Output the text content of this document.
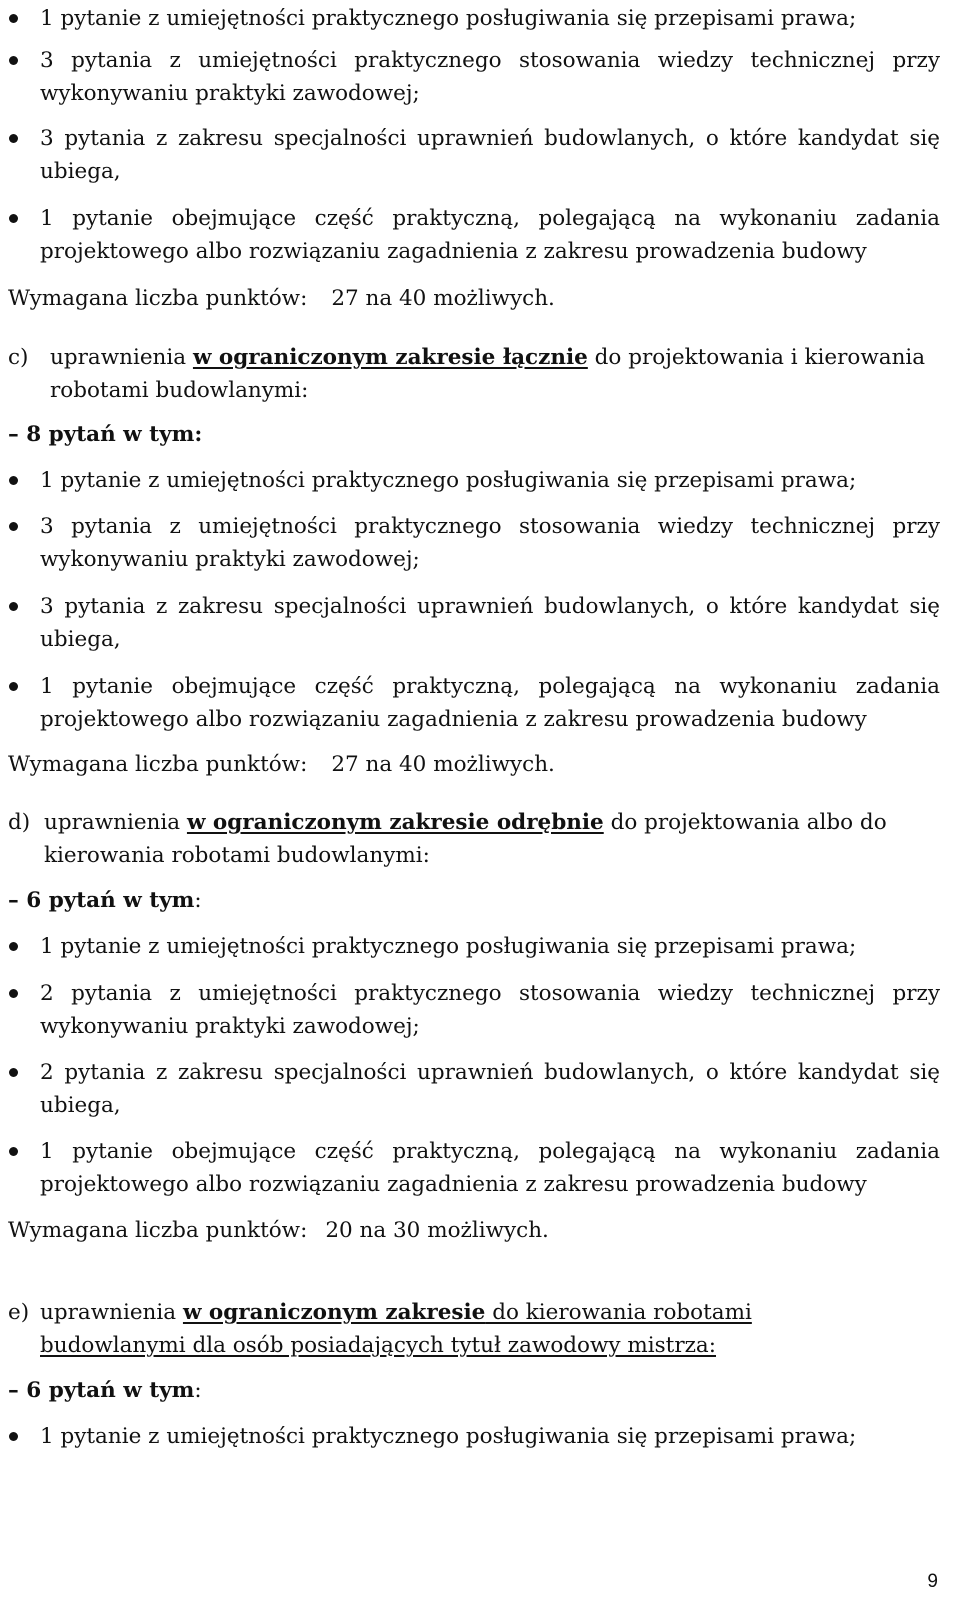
1 pytanie z umiejętności praktycznego posługiwania się przepisami prawa;
3 pytania z umiejętności praktycznego stosowania wiedzy technicznej przy wykonywaniu praktyki zawodowej;
3 pytania z zakresu specjalności uprawnień budowlanych, o które kandydat się ubiega,
1 pytanie obejmujące część praktyczną, polegającą na wykonaniu zadania projektowego albo rozwiązaniu zagadnienia z zakresu prowadzenia budowy
Wymagana liczba punktów: 27 na 40 możliwych.
c) uprawnienia w ograniczonym zakresie łącznie do projektowania i kierowania robotami budowlanymi:
– 8 pytań w tym:
1 pytanie z umiejętności praktycznego posługiwania się przepisami prawa;
3 pytania z umiejętności praktycznego stosowania wiedzy technicznej przy wykonywaniu praktyki zawodowej;
3 pytania z zakresu specjalności uprawnień budowlanych, o które kandydat się ubiega,
1 pytanie obejmujące część praktyczną, polegającą na wykonaniu zadania projektowego albo rozwiązaniu zagadnienia z zakresu prowadzenia budowy
Wymagana liczba punktów: 27 na 40 możliwych.
d) uprawnienia w ograniczonym zakresie odrębnie do projektowania albo do kierowania robotami budowlanymi:
– 6 pytań w tym:
1 pytanie z umiejętności praktycznego posługiwania się przepisami prawa;
2 pytania z umiejętności praktycznego stosowania wiedzy technicznej przy wykonywaniu praktyki zawodowej;
2 pytania z zakresu specjalności uprawnień budowlanych, o które kandydat się ubiega,
1 pytanie obejmujące część praktyczną, polegającą na wykonaniu zadania projektowego albo rozwiązaniu zagadnienia z zakresu prowadzenia budowy
Wymagana liczba punktów: 20 na 30 możliwych.
e) uprawnienia w ograniczonym zakresie do kierowania robotami budowlanymi dla osób posiadających tytuł zawodowy mistrza:
– 6 pytań w tym:
1 pytanie z umiejętności praktycznego posługiwania się przepisami prawa;
9
